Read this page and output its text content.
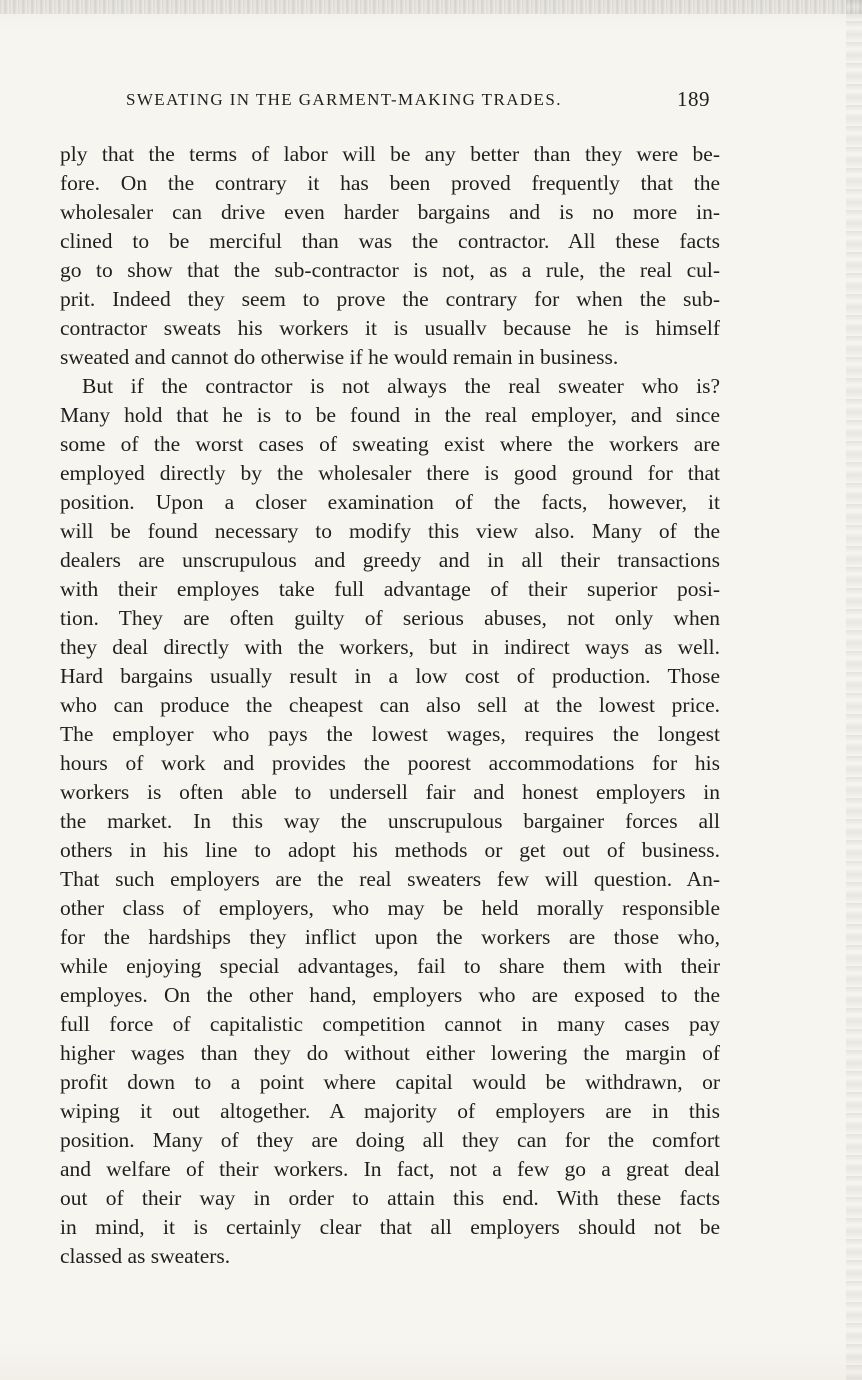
SWEATING IN THE GARMENT-MAKING TRADES.	189
ply that the terms of labor will be any better than they were be-
fore. On the contrary it has been proved frequently that the
wholesaler can drive even harder bargains and is no more in-
clined to be merciful than was the contractor. All these facts
go to show that the sub-contractor is not, as a rule, the real cul-
prit. Indeed they seem to prove the contrary for when the sub-
contractor sweats his workers it is usuallv because he is himself
sweated and cannot do otherwise if he would remain in business.
But if the contractor is not always the real sweater who is?
Many hold that he is to be found in the real employer, and since
some of the worst cases of sweating exist where the workers are
employed directly by the wholesaler there is good ground for that
position. Upon a closer examination of the facts, however, it
will be found necessary to modify this view also. Many of the
dealers are unscrupulous and greedy and in all their transactions
with their employes take full advantage of their superior posi-
tion. They are often guilty of serious abuses, not only when
they deal directly with the workers, but in indirect ways as well.
Hard bargains usually result in a low cost of production. Those
who can produce the cheapest can also sell at the lowest price.
The employer who pays the lowest wages, requires the longest
hours of work and provides the poorest accommodations for his
workers is often able to undersell fair and honest employers in
the market. In this way the unscrupulous bargainer forces all
others in his line to adopt his methods or get out of business.
That such employers are the real sweaters few will question. An-
other class of employers, who may be held morally responsible
for the hardships they inflict upon the workers are those who,
while enjoying special advantages, fail to share them with their
employes. On the other hand, employers who are exposed to the
full force of capitalistic competition cannot in many cases pay
higher wages than they do without either lowering the margin of
profit down to a point where capital would be withdrawn, or
wiping it out altogether. A majority of employers are in this
position. Many of they are doing all they can for the comfort
and welfare of their workers. In fact, not a few go a great deal
out of their way in order to attain this end. With these facts
in mind, it is certainly clear that all employers should not be
classed as sweaters.
